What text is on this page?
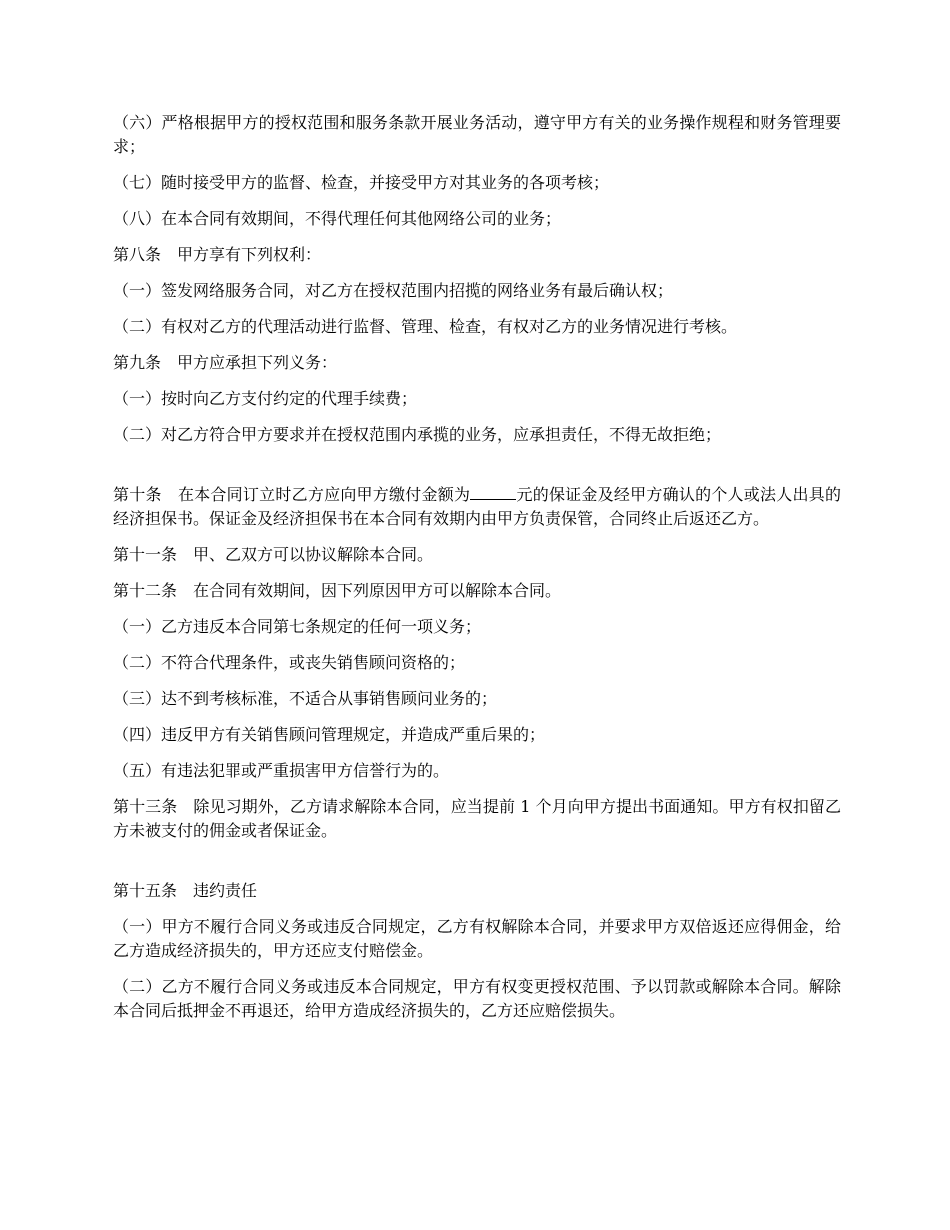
（六）严格根据甲方的授权范围和服务条款开展业务活动，遵守甲方有关的业务操作规程和财务管理要求；

（七）随时接受甲方的监督、检查，并接受甲方对其业务的各项考核；

（八）在本合同有效期间，不得代理任何其他网络公司的业务；

第八条　甲方享有下列权利：

（一）签发网络服务合同，对乙方在授权范围内招揽的网络业务有最后确认权；

（二）有权对乙方的代理活动进行监督、管理、检查，有权对乙方的业务情况进行考核。

第九条　甲方应承担下列义务：

（一）按时向乙方支付约定的代理手续费；

（二）对乙方符合甲方要求并在授权范围内承揽的业务，应承担责任，不得无故拒绝；

第十条　在本合同订立时乙方应向甲方缴付金额为	元的保证金及经甲方确认的个人或法人出具的经济担保书。保证金及经济担保书在本合同有效期内由甲方负责保管，合同终止后返还乙方。

第十一条　甲、乙双方可以协议解除本合同。

第十二条　在合同有效期间，因下列原因甲方可以解除本合同。

（一）乙方违反本合同第七条规定的任何一项义务；

（二）不符合代理条件，或丧失销售顾问资格的；

（三）达不到考核标准，不适合从事销售顾问业务的；

（四）违反甲方有关销售顾问管理规定，并造成严重后果的；

（五）有违法犯罪或严重损害甲方信誉行为的。

第十三条　除见习期外，乙方请求解除本合同，应当提前 1 个月向甲方提出书面通知。甲方有权扣留乙方未被支付的佣金或者保证金。

第十五条　违约责任

（一）甲方不履行合同义务或违反合同规定，乙方有权解除本合同，并要求甲方双倍返还应得佣金，给乙方造成经济损失的，甲方还应支付赔偿金。

（二）乙方不履行合同义务或违反本合同规定，甲方有权变更授权范围、予以罚款或解除本合同。解除本合同后抵押金不再退还，给甲方造成经济损失的，乙方还应赔偿损失。
